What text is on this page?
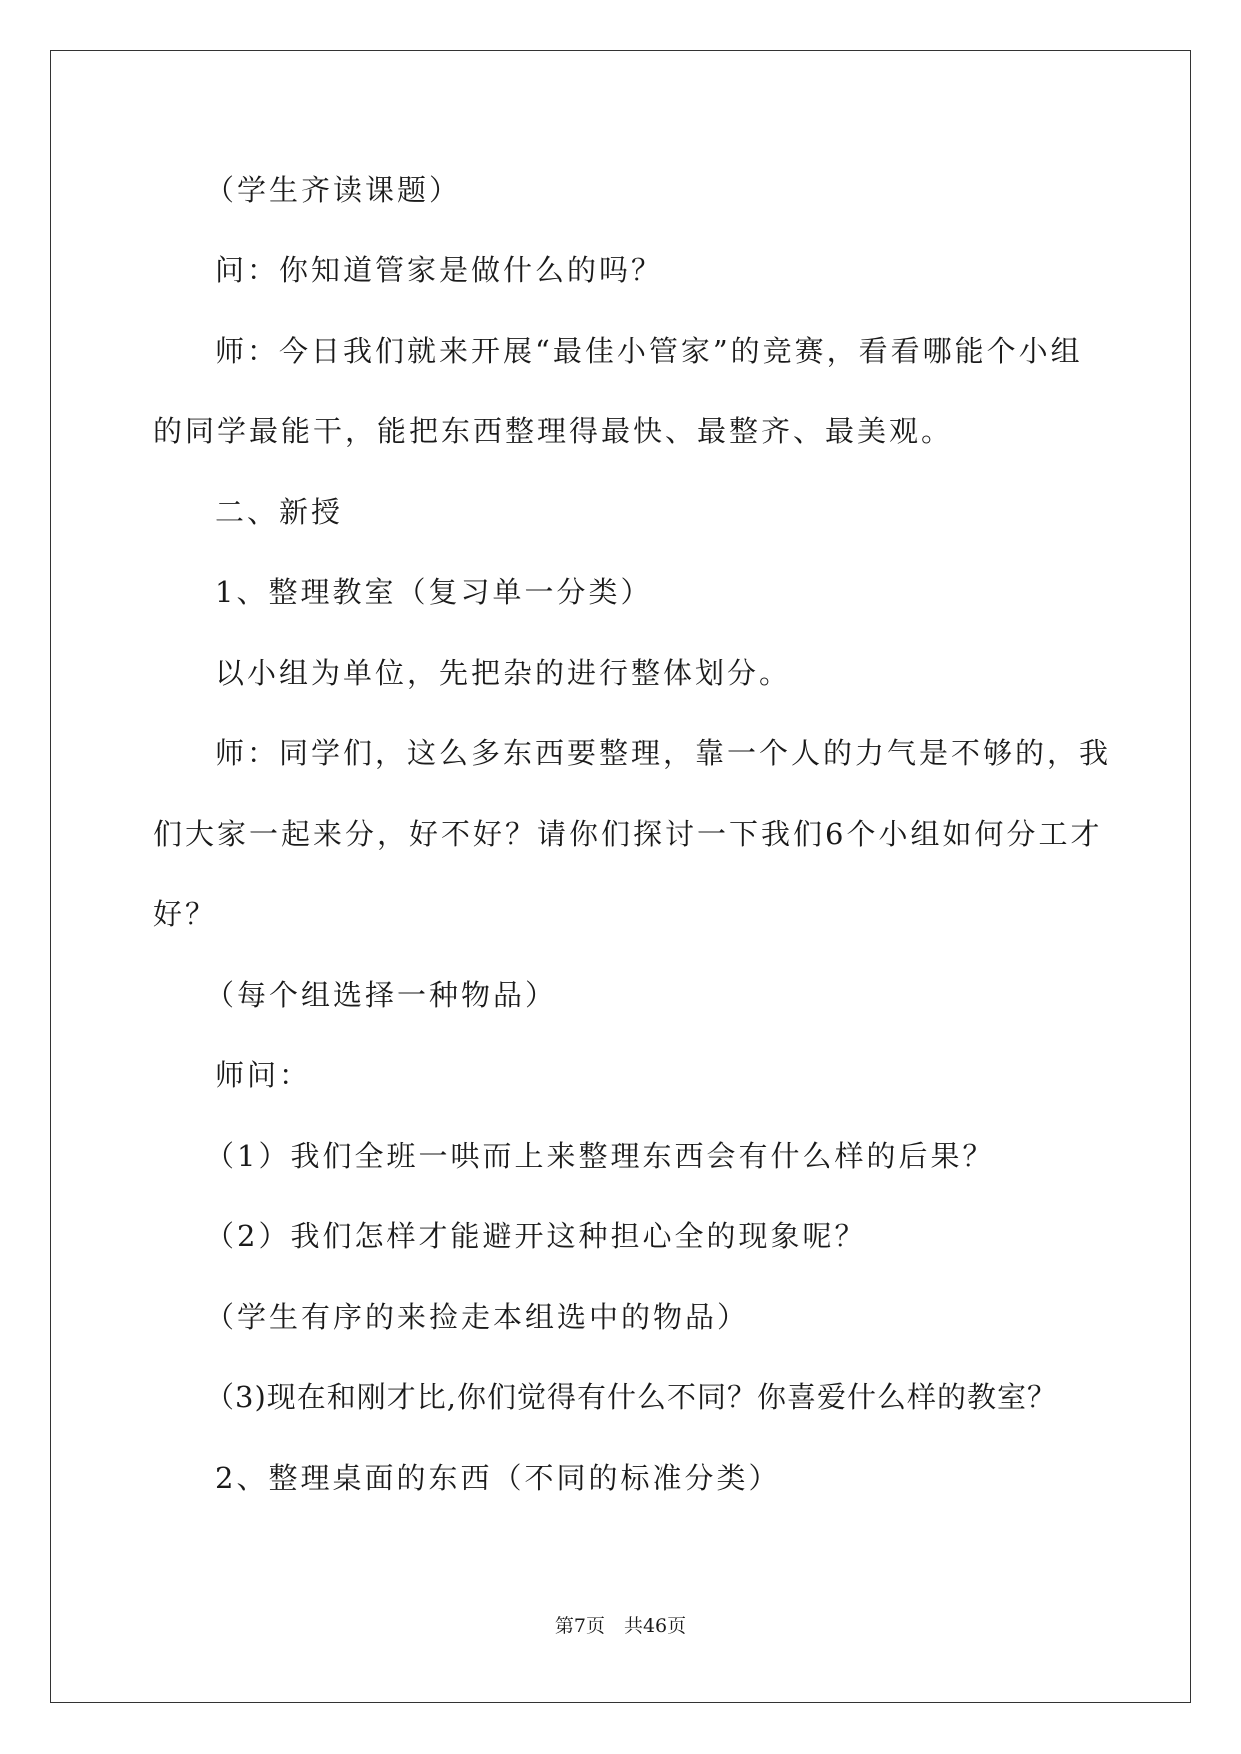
（学生齐读课题）
问：你知道管家是做什么的吗？
师：今日我们就来开展“最佳小管家”的竞赛，看看哪能个小组
的同学最能干，能把东西整理得最快、最整齐、最美观。
二、新授
1、整理教室（复习单一分类）
以小组为单位，先把杂的进行整体划分。
师：同学们，这么多东西要整理，靠一个人的力气是不够的，我
们大家一起来分，好不好？请你们探讨一下我们6个小组如何分工才
好？
（每个组选择一种物品）
师问：
（1）我们全班一哄而上来整理东西会有什么样的后果？
（2）我们怎样才能避开这种担心全的现象呢？
（学生有序的来捡走本组选中的物品）
（3)现在和刚才比,你们觉得有什么不同？你喜爱什么样的教室？
2、整理桌面的东西（不同的标准分类）
第7页　共46页
